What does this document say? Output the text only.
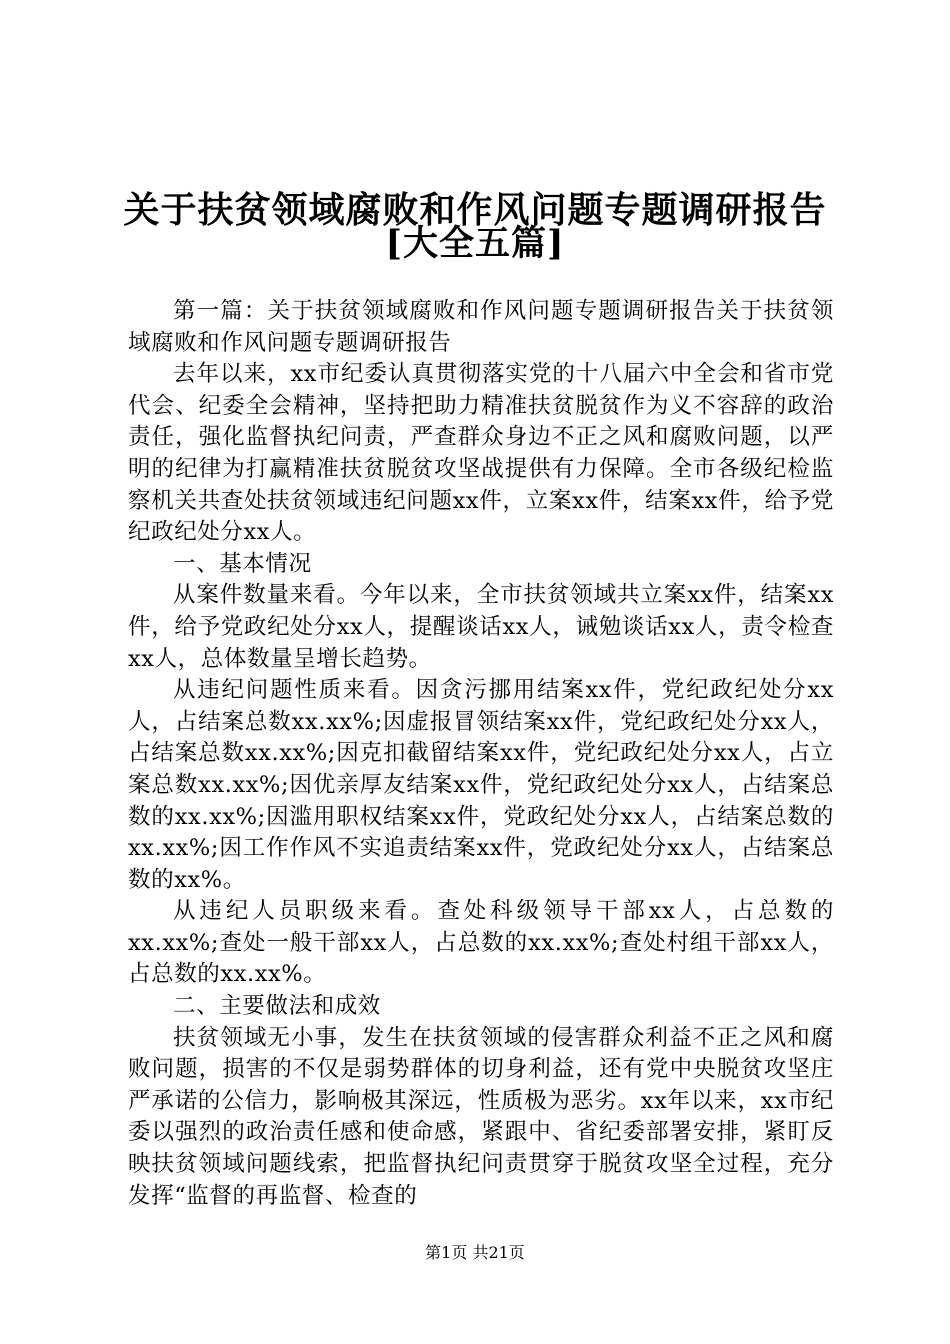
关于扶贫领域腐败和作风问题专题调研报告
[大全五篇]

第一篇：关于扶贫领域腐败和作风问题专题调研报告关于扶贫领域腐败和作风问题专题调研报告

去年以来，xx市纪委认真贯彻落实党的十八届六中全会和省市党代会、纪委全会精神，坚持把助力精准扶贫脱贫作为义不容辞的政治责任，强化监督执纪问责，严查群众身边不正之风和腐败问题，以严明的纪律为打赢精准扶贫脱贫攻坚战提供有力保障。全市各级纪检监察机关共查处扶贫领域违纪问题xx件，立案xx件，结案xx件，给予党纪政纪处分xx人。

一、基本情况

从案件数量来看。今年以来，全市扶贫领域共立案xx件，结案xx件，给予党政纪处分xx人，提醒谈话xx人，诫勉谈话xx人，责令检查xx人，总体数量呈增长趋势。

从违纪问题性质来看。因贪污挪用结案xx件，党纪政纪处分xx人，占结案总数xx.xx%;因虚报冒领结案xx件，党纪政纪处分xx人，占结案总数xx.xx%;因克扣截留结案xx件，党纪政纪处分xx人，占立案总数xx.xx%;因优亲厚友结案xx件，党纪政纪处分xx人，占结案总数的xx.xx%;因滥用职权结案xx件，党政纪处分xx人，占结案总数的xx.xx%;因工作作风不实追责结案xx件，党政纪处分xx人，占结案总数的xx%。

从违纪人员职级来看。查处科级领导干部xx人，占总数的xx.xx%;查处一般干部xx人，占总数的xx.xx%;查处村组干部xx人，占总数的xx.xx%。

二、主要做法和成效

扶贫领域无小事，发生在扶贫领域的侵害群众利益不正之风和腐败问题，损害的不仅是弱势群体的切身利益，还有党中央脱贫攻坚庄严承诺的公信力，影响极其深远，性质极为恶劣。xx年以来，xx市纪委以强烈的政治责任感和使命感，紧跟中、省纪委部署安排，紧盯反映扶贫领域问题线索，把监督执纪问责贯穿于脱贫攻坚全过程，充分发挥“监督的再监督、检查的

第1页 共21页
